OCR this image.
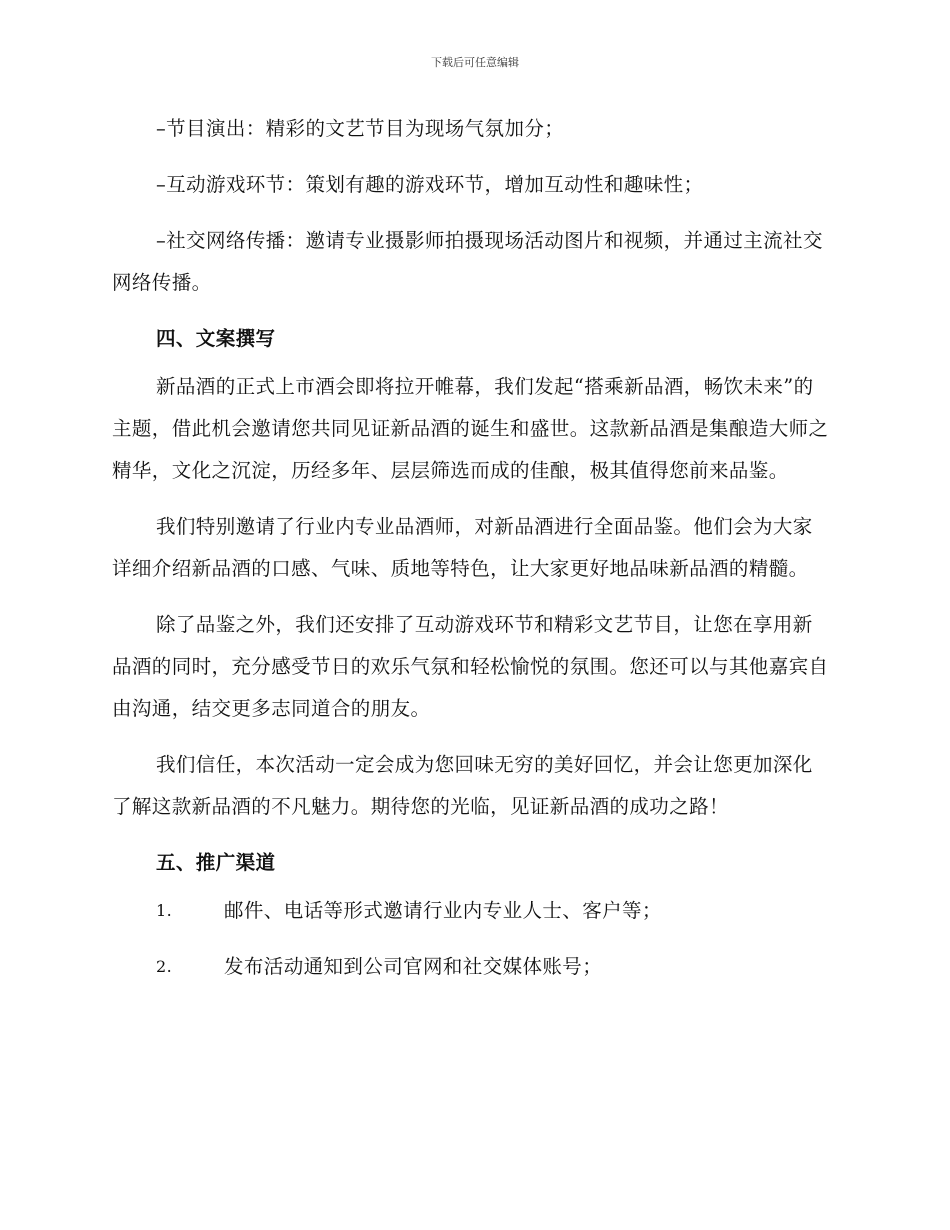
下载后可任意编辑

–节目演出：精彩的文艺节目为现场气氛加分；

–互动游戏环节：策划有趣的游戏环节，增加互动性和趣味性；

–社交网络传播：邀请专业摄影师拍摄现场活动图片和视频，并通过主流社交网络传播。

四、文案撰写

新品酒的正式上市酒会即将拉开帷幕，我们发起“搭乘新品酒，畅饮未来”的主题，借此机会邀请您共同见证新品酒的诞生和盛世。这款新品酒是集酿造大师之精华，文化之沉淀，历经多年、层层筛选而成的佳酿，极其值得您前来品鉴。

我们特别邀请了行业内专业品酒师，对新品酒进行全面品鉴。他们会为大家详细介绍新品酒的口感、气味、质地等特色，让大家更好地品味新品酒的精髓。

除了品鉴之外，我们还安排了互动游戏环节和精彩文艺节目，让您在享用新品酒的同时，充分感受节日的欢乐气氛和轻松愉悦的氛围。您还可以与其他嘉宾自由沟通，结交更多志同道合的朋友。

我们信任，本次活动一定会成为您回味无穷的美好回忆，并会让您更加深化了解这款新品酒的不凡魅力。期待您的光临，见证新品酒的成功之路！

五、推广渠道

1.	邮件、电话等形式邀请行业内专业人士、客户等；
2.	发布活动通知到公司官网和社交媒体账号；
